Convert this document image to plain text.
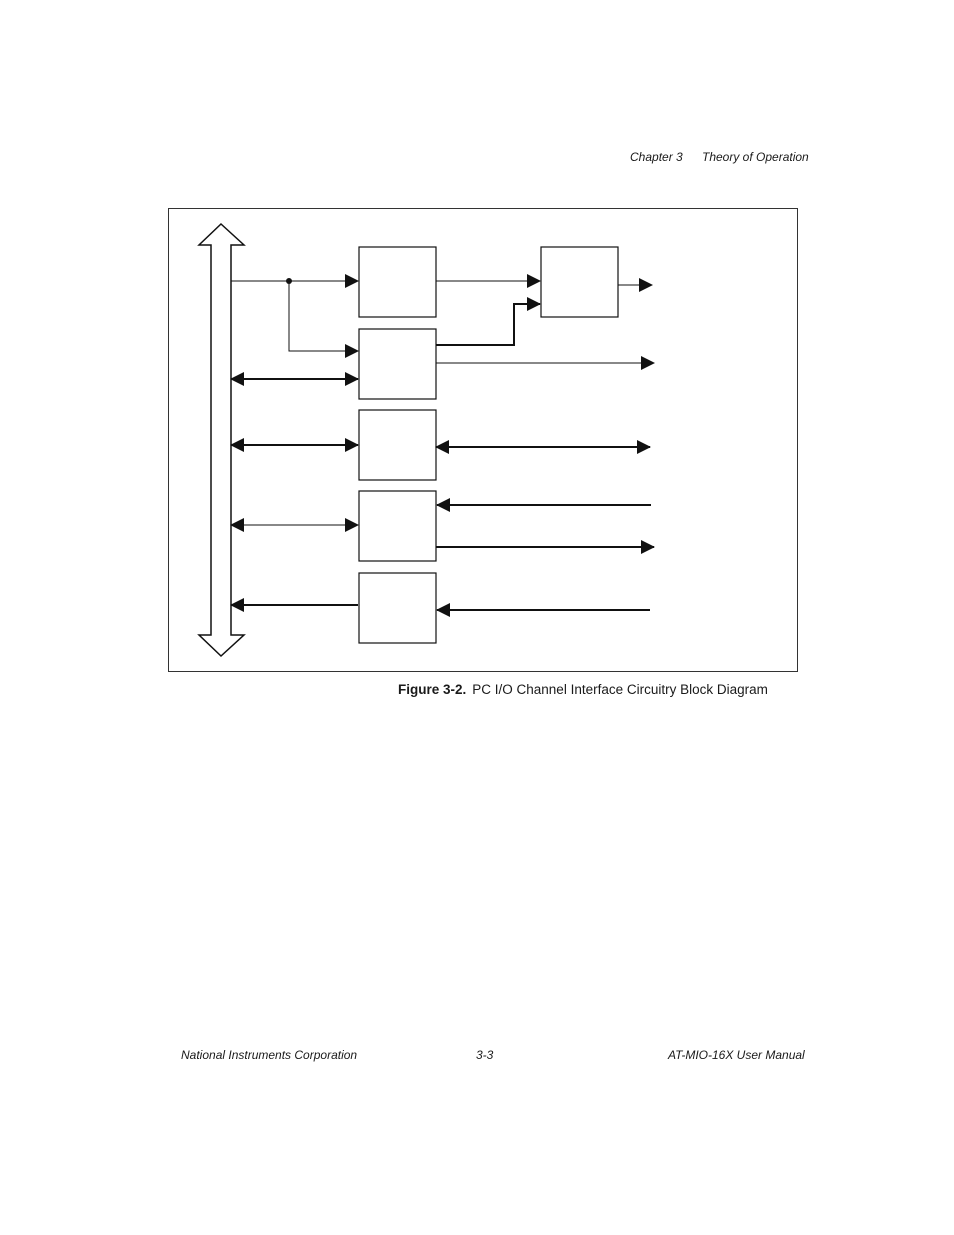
Chapter 3 Theory of Operation
Figure 3-2. PC I/O Channel Interface Circuitry Block Diagram
National Instruments Corporation	3-3	AT-MIO-16X User Manual
